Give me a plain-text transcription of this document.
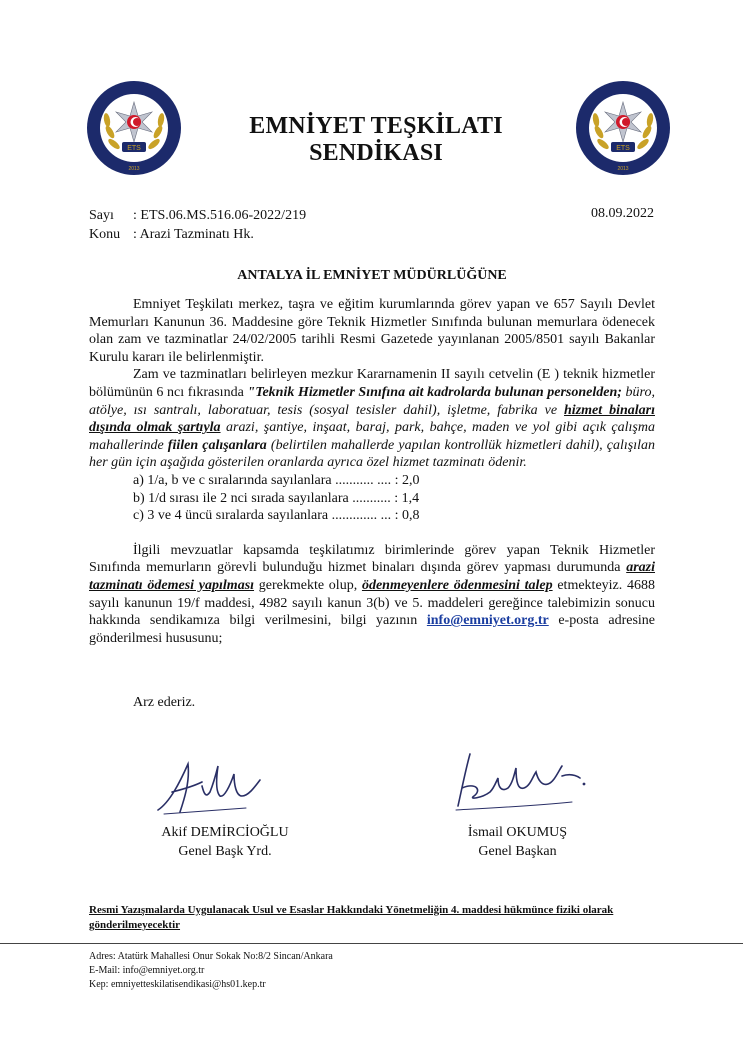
ETS
2013
EMNİYET TEŞKİLATI SENDİKASI	ETS
2013
Sayı	: ETS.06.MS.516.06-2022/219
Konu : Arazi Tazminatı Hk.
08.09.2022
ANTALYA İL EMNİYET MÜDÜRLÜĞÜNE

Emniyet Teşkilatı merkez, taşra ve eğitim kurumlarında görev yapan ve 657 Sayılı Devlet Memurları Kanunun 36. Maddesine göre Teknik Hizmetler Sınıfında bulunan memurlara ödenecek olan zam ve tazminatlar 24/02/2005 tarihli Resmi Gazetede yayınlanan 2005/8501 sayılı Bakanlar Kurulu kararı ile belirlenmiştir.

Zam ve tazminatları belirleyen mezkur Kararnamenin II sayılı cetvelin (E ) teknik hizmetler bölümünün 6 ncı fıkrasında "Teknik Hizmetler Sınıfına ait kadrolarda bulunan personelden; büro, atölye, ısı santralı, laboratuar, tesis (sosyal tesisler dahil), işletme, fabrika ve hizmet binaları dışında olmak şartıyla arazi, şantiye, inşaat, baraj, park, bahçe, maden ve yol gibi açık çalışma mahallerinde fiilen çalışanlara (belirtilen mahallerde yapılan kontrollük hizmetleri dahil), çalışılan her gün için aşağıda gösterilen oranlarda ayrıca özel hizmet tazminatı ödenir.

a) 1/a, b ve c sıralarında sayılanlara ........... .... : 2,0
b) 1/d sırası ile 2 nci sırada sayılanlara ........... : 1,4
c) 3 ve 4 üncü sıralarda sayılanlara ............. ... : 0,8

İlgili mevzuatlar kapsamda teşkilatımız birimlerinde görev yapan Teknik Hizmetler Sınıfında memurların görevli bulunduğu hizmet binaları dışında görev yapması durumunda arazi tazminatı ödemesi yapılması gerekmekte olup, ödenmeyenlere ödenmesini talep etmekteyiz. 4688 sayılı kanunun 19/f maddesi, 4982 sayılı kanun 3(b) ve 5. maddeleri gereğince talebimizin sonucu hakkında sendikamıza bilgi verilmesini, bilgi yazının info@emniyet.org.tr e-posta adresine gönderilmesi hususunu;

Arz ederiz.
Akif DEMİRCİOĞLU
Genel Başk Yrd.
İsmail OKUMUŞ
Genel Başkan
Resmi Yazışmalarda Uygulanacak Usul ve Esaslar Hakkındaki Yönetmeliğin 4. maddesi hükmünce fiziki olarak gönderilmeyecektir
Adres: Atatürk Mahallesi Onur Sokak No:8/2 Sincan/Ankara
E-Mail: info@emniyet.org.tr
Kep: emniyetteskilatisendikasi@hs01.kep.tr
